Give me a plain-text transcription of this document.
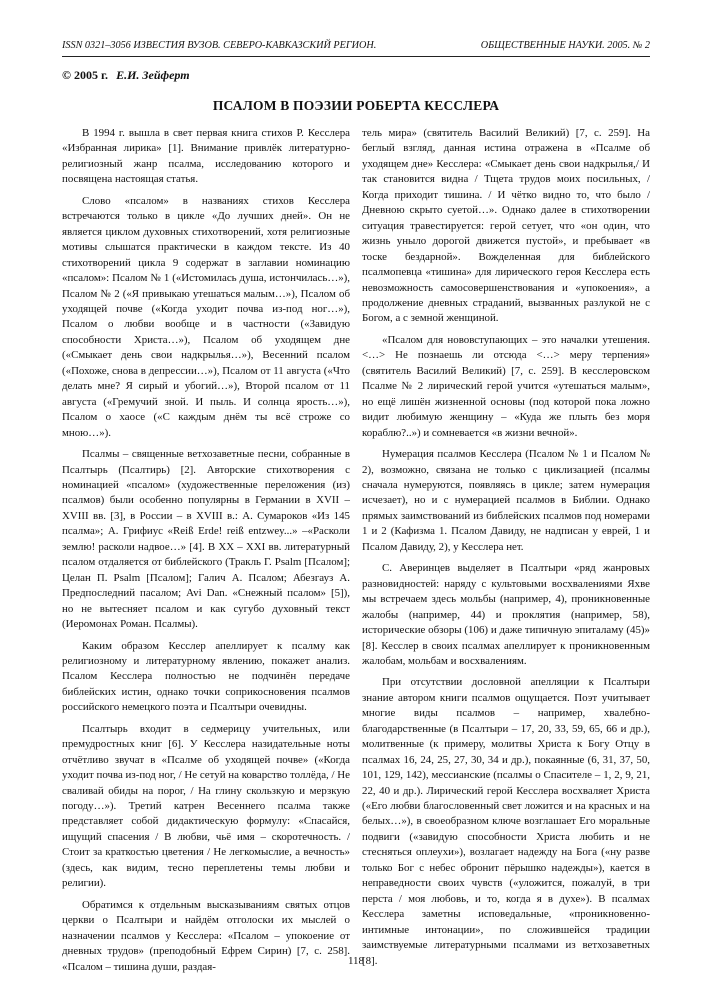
ISSN 0321–3056 ИЗВЕСТИЯ ВУЗОВ. СЕВЕРО-КАВКАЗСКИЙ РЕГИОН.	ОБЩЕСТВЕННЫЕ НАУКИ. 2005. № 2
© 2005 г. Е.И. Зейферт
ПСАЛОМ В ПОЭЗИИ РОБЕРТА КЕССЛЕРА

В 1994 г. вышла в свет первая книга стихов Р. Кесслера «Избранная лирика» [1]. Внимание привлёк литературно-религиозный жанр псалма, исследованию которого и посвящена настоящая статья.

Слово «псалом» в названиях стихов Кесслера встречаются только в цикле «До лучших дней». Он не является циклом духовных стихотворений, хотя религиозные мотивы слышатся практически в каждом тексте. Из 40 стихотворений цикла 9 содержат в заглавии номинацию «псалом»: Псалом № 1 («Истомилась душа, истончилась…»), Псалом № 2 («Я привыкаю утешаться малым…»), Псалом об уходящей почве («Когда уходит почва из-под ног…»), Псалом о любви вообще и в частности («Завидую способности Христа…»), Псалом об уходящем дне («Смыкает день свои надкрылья…»), Весенний псалом («Похоже, снова в депрессии…»), Псалом от 11 августа («Что делать мне? Я сирый и убогий…»), Второй псалом от 11 августа («Гремучий зной. И пыль. И солнца ярость…»), Псалом о хаосе («С каждым днём ты всё строже со мною…»).

Псалмы – священные ветхозаветные песни, собранные в Псалтырь (Псалтирь) [2]. Авторские стихотворения с номинацией «псалом» (художественные переложения (из) псалмов) были особенно популярны в Германии в XVII – XVIII вв. [3], в России – в XVIII в.: А. Сумароков «Из 145 псалма»; А. Грифиус «Reiß Erde! reiß entzwey...» –«Расколи землю! расколи надвое…» [4]. В XX – XXI вв. литературный псалом отдаляется от библейского (Тракль Г. Psalm [Псалом]; Целан П. Psalm [Псалом]; Галич А. Псалом; Абезгауз А. Предпоследний пасалом; Avi Dan. «Снежный псалом» [5]), но не вытесняет псалом и как сугубо духовный текст (Иеромонах Роман. Псалмы).

Каким образом Кесслер апеллирует к псалму как религиозному и литературному явлению, покажет анализ. Псалом Кесслера полностью не подчинён передаче библейских истин, однако точки соприкосновения псалмов российского немецкого поэта и Псалтыри очевидны.

Псалтырь входит в седмерицу учительных, или премудростных книг [6]. У Кесслера назидательные ноты отчётливо звучат в «Псалме об уходящей почве» («Когда уходит почва из-под ног, / Не сетуй на коварство толлёда, / Не сваливай обиды на порог, / На глину скользкую и мерзкую погоду…»). Третий катрен Весеннего псалма также представляет собой дидактическую формулу: «Спасайся, ищущий спасения / В любви, чьё имя – скоротечность. / Стоит за краткостью цветения / Не легкомыслие, а вечность» (здесь, как видим, тесно переплетены темы любви и религии).

Обратимся к отдельным высказываниям святых отцов церкви о Псалтыри и найдём отголоски их мыслей о назначении псалмов у Кесслера: «Псалом – упокоение от дневных трудов» (преподобный Ефрем Сирин) [7, с. 258]. «Псалом – тишина души, раздая-

тель мира» (святитель Василий Великий) [7, с. 259]. На беглый взгляд, данная истина отражена в «Псалме об уходящем дне» Кесслера: «Смыкает день свои надкрылья,/ И так становится видна / Тщета трудов моих посильных, / Когда приходит тишина. / И чётко видно то, что было / Дневною скрыто суетой…». Однако далее в стихотворении ситуация травестируется: герой сетует, что «он один, что жизнь уныло дорогой движется пустой», и пребывает «в тоске бездарной». Вожделенная для библейского псалмопевца «тишина» для лирического героя Кесслера есть невозможность самосовершенствования и «упокоения», а продолжение дневных страданий, вызванных разлукой не с Богом, а с земной женщиной.

«Псалом для нововступающих – это началки утешения. <…> Не познаешь ли отсюда <…> меру терпения» (святитель Василий Великий) [7, с. 259]. В кесслеровском Псалме № 2 лирический герой учится «утешаться малым», но ещё лишён жизненной основы (под которой пока ложно видит любимую женщину – «Куда же плыть без моря кораблю?..») и сомневается «в жизни вечной».

Нумерация псалмов Кесслера (Псалом № 1 и Псалом № 2), возможно, связана не только с циклизацией (псалмы сначала нумеруются, появляясь в цикле; затем нумерация исчезает), но и с нумерацией псалмов в Библии. Однако прямых заимствований из библейских псалмов под номерами 1 и 2 (Кафизма 1. Псалом Давиду, не надписан у еврей, 1 и Псалом Давиду, 2), у Кесслера нет.

С. Аверинцев выделяет в Псалтыри «ряд жанровых разновидностей: наряду с культовыми восхвалениями Яхве мы встречаем здесь мольбы (например, 4), проникновенные жалобы (например, 44) и проклятия (например, 58), исторические обзоры (106) и даже типичную эпиталаму (45)» [8]. Кесслер в своих псалмах апеллирует к проникновенным жалобам, мольбам и восхвалениям.

При отсутствии дословной апелляции к Псалтыри знание автором книги псалмов ощущается. Поэт учитывает многие виды псалмов – например, хвалебно-благодарственные (в Псалтыри – 17, 20, 33, 59, 65, 66 и др.), молитвенные (к примеру, молитвы Христа к Богу Отцу в псалмах 16, 24, 25, 27, 30, 34 и др.), покаянные (6, 31, 37, 50, 101, 129, 142), мессианские (псалмы о Спасителе – 1, 2, 9, 21, 22, 40 и др.). Лирический герой Кесслера восхваляет Христа («Его любви благословенный свет ложится и на красных и на белых…»), в своеобразном ключе возглашает Его моральные подвиги («завидую способности Христа любить и не стесняться оплеухи»), возлагает надежду на Бога («ну разве только Бог с небес обронит пёрышко надежды»), кается в неправедности своих чувств («уложится, пожалуй, в три перста / моя любовь, и то, когда я в духе»). В псалмах Кесслера заметны исповедальные, «проникновенно-интимные интонации», по сложившейся традиции заимствуемые литературными псалмами из ветхозаветных [8].

118
